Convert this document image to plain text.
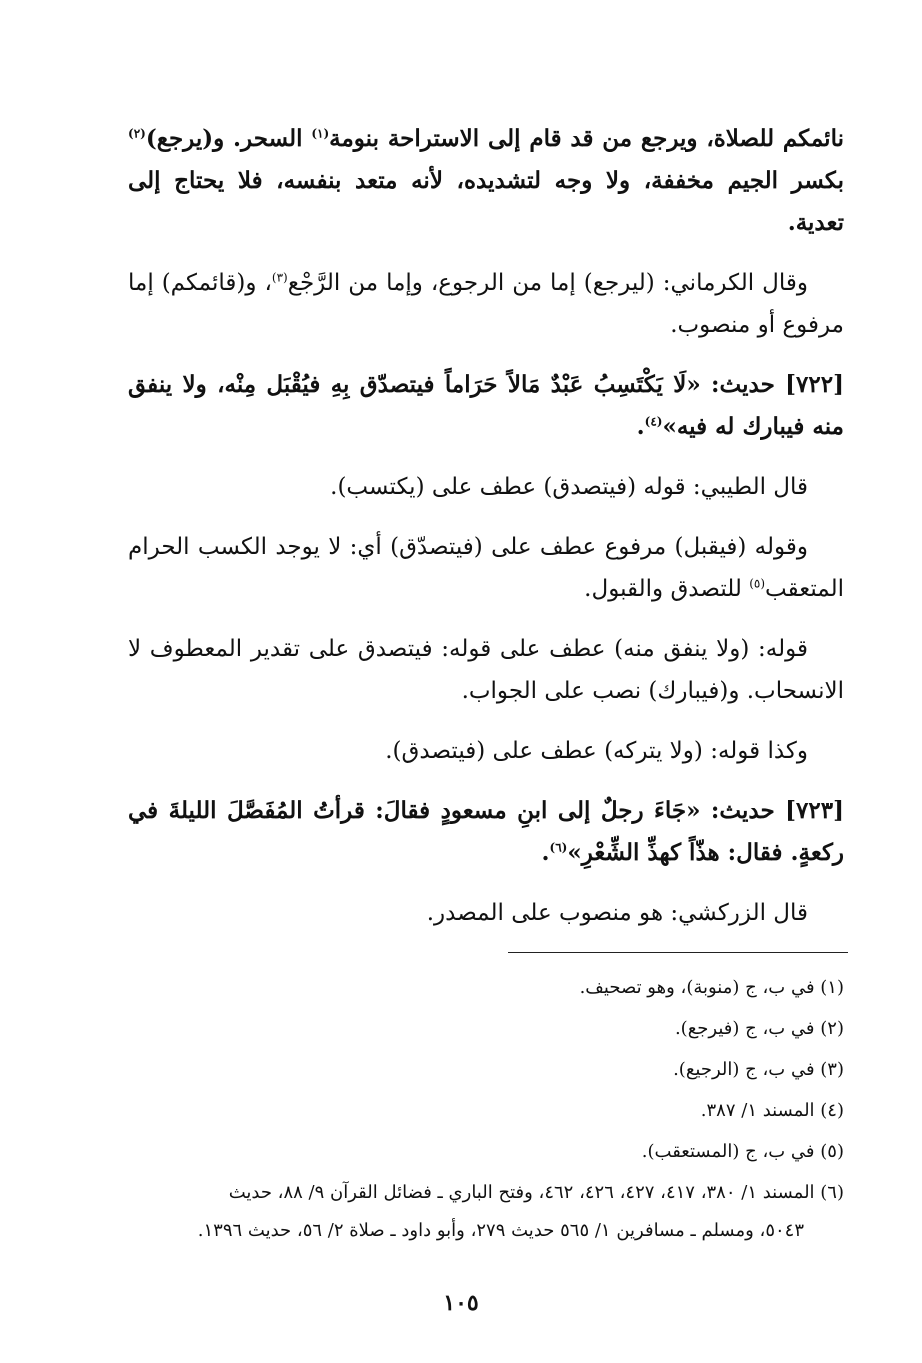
نائمكم للصلاة، ويرجع من قد قام إلى الاستراحة بنومة$^{(١)}$ السحر. و(يرجع)$^{(٢)}$ بكسر الجيم مخففة، ولا وجه لتشديده، لأنه متعد بنفسه، فلا يحتاج إلى تعدية.

وقال الكرماني: (ليرجع) إما من الرجوع، وإما من الرَّجْع$^{(٣)}$، و(قائمكم) إما مرفوع أو منصوب.

[٧٢٢] حديث: «لَا يَكْتَسِبُ عَبْدٌ مَالاً حَرَاماً فيتصدّق بِهِ فيُقْبَل مِنْه، ولا ينفق منه فيبارك له فيه»$^{(٤)}$.

قال الطيبي: قوله (فيتصدق) عطف على (يكتسب).

وقوله (فيقبل) مرفوع عطف على (فيتصدّق) أي: لا يوجد الكسب الحرام المتعقب$^{(٥)}$ للتصدق والقبول.

قوله: (ولا ينفق منه) عطف على قوله: فيتصدق على تقدير المعطوف لا الانسحاب. و(فيبارك) نصب على الجواب.

وكذا قوله: (ولا يتركه) عطف على (فيتصدق).

[٧٢٣] حديث: «جَاءَ رجلٌ إلى ابنِ مسعودٍ فقالَ: قرأتُ المُفَصَّلَ الليلةَ في ركعةٍ. فقال: هذّاً كهذِّ الشِّعْرِ»$^{(٦)}$.

قال الزركشي: هو منصوب على المصدر.

(١) في ب، ج (منوبة)، وهو تصحيف.

(٢) في ب، ج (فيرجع).

(٣) في ب، ج (الرجيع).

(٤) المسند ١/ ٣٨٧.

(٥) في ب، ج (المستعقب).

(٦) المسند ١/ ٣٨٠، ٤١٧، ٤٢٧، ٤٢٦، ٤٦٢، وفتح الباري ـ فضائل القرآن ٩/ ٨٨، حديث

٥٠٤٣، ومسلم ـ مسافرين ١/ ٥٦٥ حديث ٢٧٩، وأبو داود ـ صلاة ٢/ ٥٦، حديث ١٣٩٦.

١٠٥
